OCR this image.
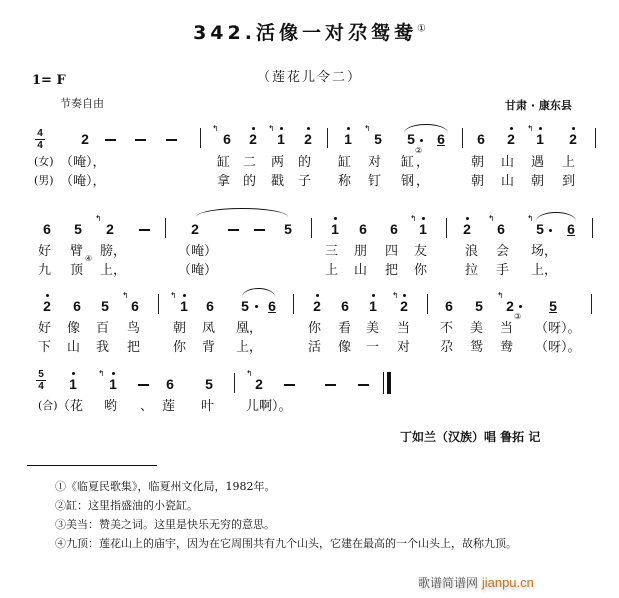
342.活像一对尕鸳鸯①
（莲花儿令二）
1= F
节奏自由	甘肃 · 康东县
4
4	2
↰
6 2
↰
1 2 1
↰
5 5 6 6 2
↰
1 2
(女) （唵），	缸 二 两 的 缸 对 缸
②
，	朝 山 遇 上
(男) （唵），	拿 的 戳 子 称 钉 钢 ，	朝 山 朝 到
6 5
↰
2	2	5	1 6 6
↰
1	2
↰
6
↰
5 6
好 臂 膀，	（唵）	三 朋 四 友	浪 会 场，
九 顶
④
上，	（唵）	上 山 把 你	拉 手 上，
2 6 5
↰
6
↰
1 6 5 6	2 6 1
↰
2	6 5
↰
2	5
好 像 百 鸟	朝 凤 凰，	你 看 美 当 不 美 当
③
（呀）。
下 山 我 把	你 背 上，	活 像 一 对 尕 鸳 鸯 （呀）。
5
4 1
↰
1	6 5
↰
2
(合) （花 哟 、 莲 叶 儿啊）。
丁如兰（汉族）唱 鲁拓 记
①《临夏民歌集》，临夏州文化局，1982年。
②缸：这里指盛油的小瓷缸。
③美当：赞美之词。这里是快乐无穷的意思。
④九顶：莲花山上的庙宇，因为在它周围共有九个山头，它建在最高的一个山头上，故称九顶。
歌谱简谱网 jianpu.cn
